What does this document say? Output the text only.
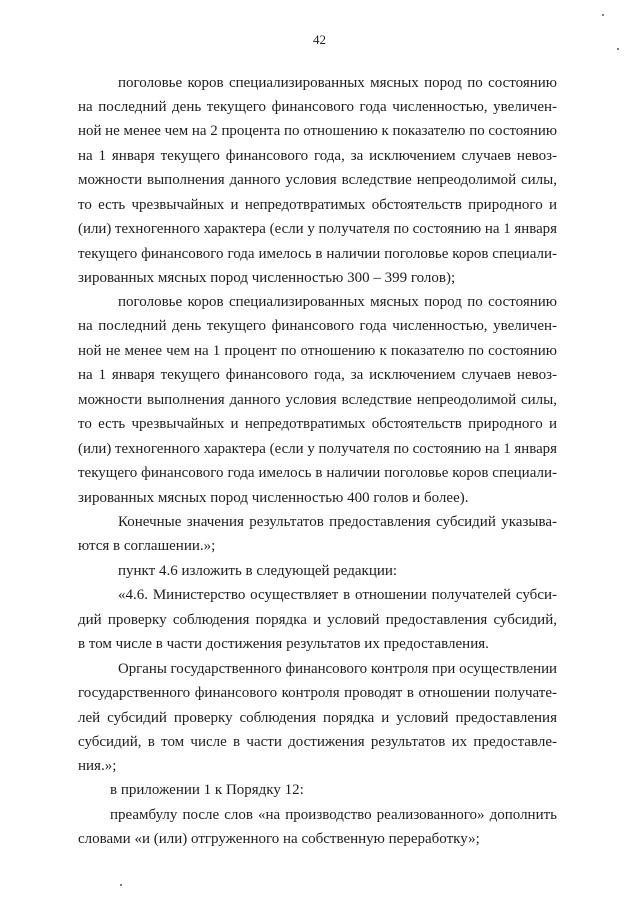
42
поголовье коров специализированных мясных пород по состоянию
на последний день текущего финансового года численностью, увеличен-
ной не менее чем на 2 процента по отношению к показателю по состоянию
на 1 января текущего финансового года, за исключением случаев невоз-
можности выполнения данного условия вследствие непреодолимой силы,
то есть чрезвычайных и непредотвратимых обстоятельств природного и
(или) техногенного характера (если у получателя по состоянию на 1 января
текущего финансового года имелось в наличии поголовье коров специали-
зированных мясных пород численностью 300 – 399 голов);
поголовье коров специализированных мясных пород по состоянию
на последний день текущего финансового года численностью, увеличен-
ной не менее чем на 1 процент по отношению к показателю по состоянию
на 1 января текущего финансового года, за исключением случаев невоз-
можности выполнения данного условия вследствие непреодолимой силы,
то есть чрезвычайных и непредотвратимых обстоятельств природного и
(или) техногенного характера (если у получателя по состоянию на 1 января
текущего финансового года имелось в наличии поголовье коров специали-
зированных мясных пород численностью 400 голов и более).
Конечные значения результатов предоставления субсидий указыва-
ются в соглашении.»;
пункт 4.6 изложить в следующей редакции:
«4.6. Министерство осуществляет в отношении получателей субси-
дий проверку соблюдения порядка и условий предоставления субсидий,
в том числе в части достижения результатов их предоставления.
Органы государственного финансового контроля при осуществлении
государственного финансового контроля проводят в отношении получате-
лей субсидий проверку соблюдения порядка и условий предоставления
субсидий, в том числе в части достижения результатов их предоставле-
ния.»;
в приложении 1 к Порядку 12:
преамбулу после слов «на производство реализованного» дополнить
словами «и (или) отгруженного на собственную переработку»;
